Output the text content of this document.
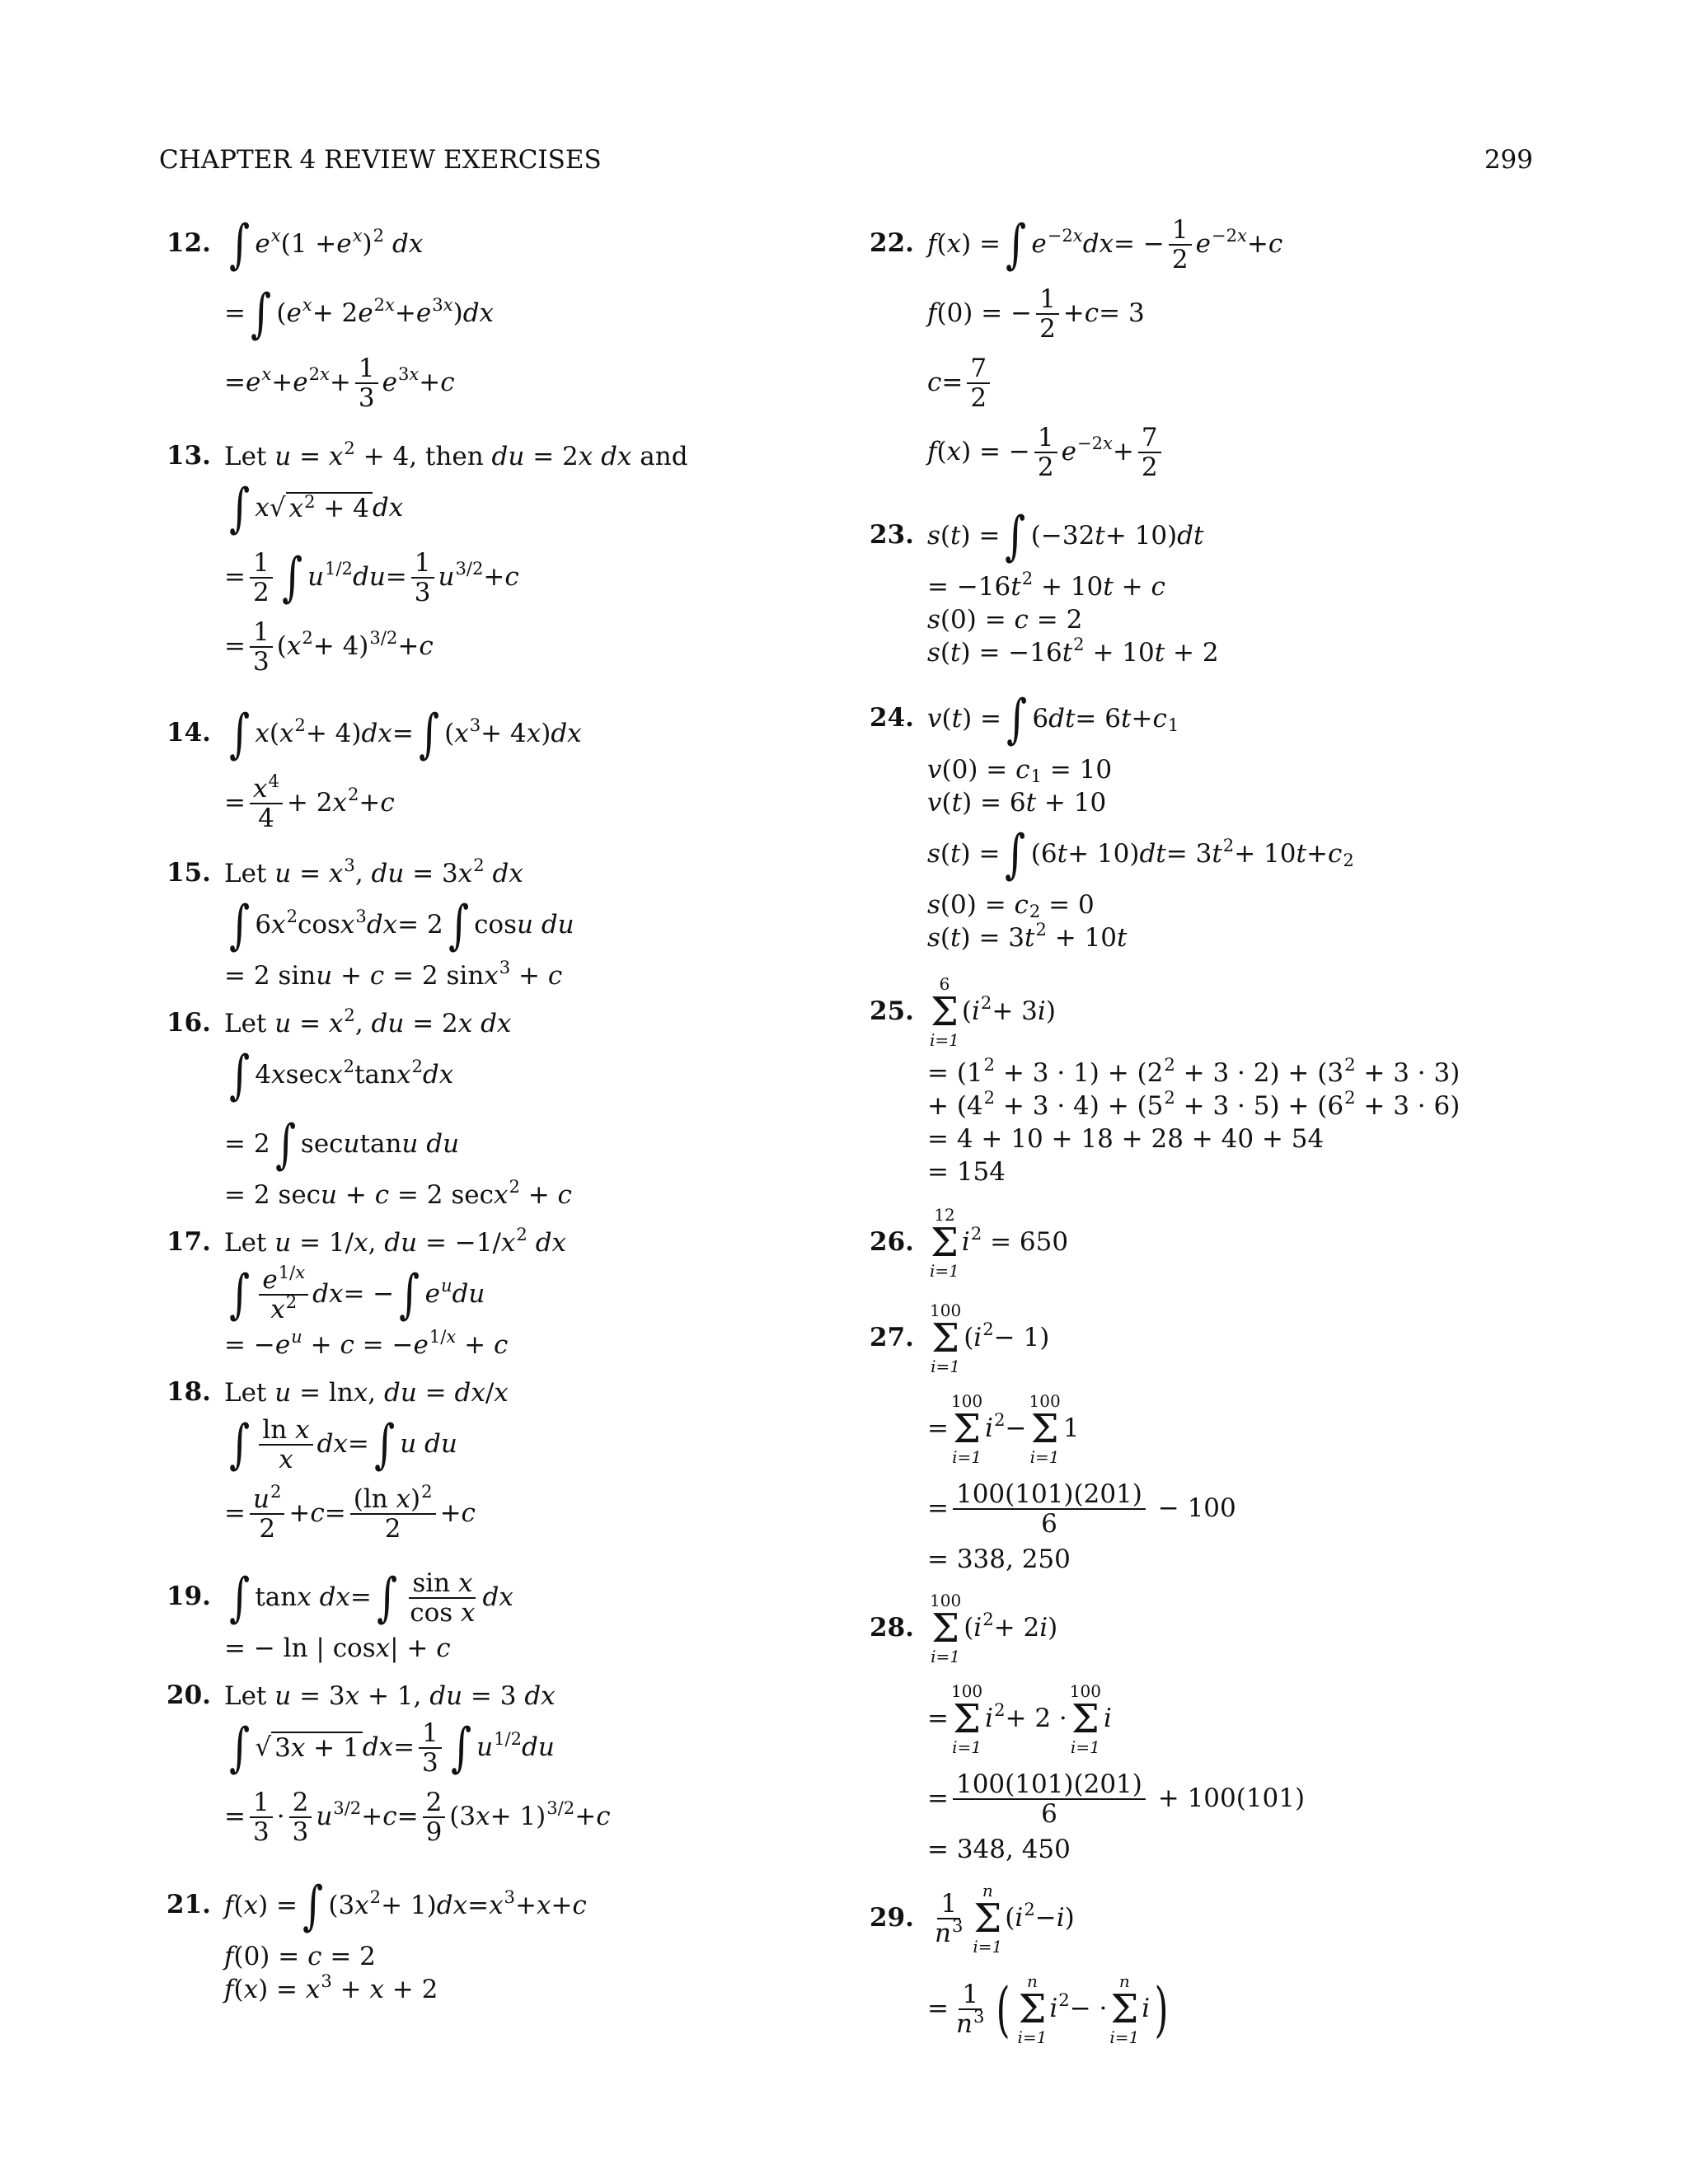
CHAPTER 4 REVIEW EXERCISES	299
12. ∫ e x (1 + e x ) 2 dx
= ∫ ( e x + 2 e 2x + e 3x ) dx
= e x + e $2x + \frac{1}{3}$ e 3x + c
13. Let
u = x 2 + 4 , then
du = 2 x dx
and
∫ x √ $x^2 + 4$ dx
= $\frac{1}{2}$ ∫ u 1/2 du = $\frac{1}{3}$ u 3/2 + c
= $\frac{1}{3}$ ( x 2 + 4) 3/2 + c
14. ∫ x ( x 2 + 4) dx = ∫ ( x 3 + 4 x ) dx
= $\frac{x^4}{4} + 2$ x 2 + c
15. Let
u = x 3 , du = 3 x 2
dx
∫ 6 x 2 cos x 3 dx = 2 ∫ cos u du
= 2 sin u + c = 2 sin x 3 + c
16. Let
u = x 2 , du = 2 x dx
∫ 4 x sec x 2 tan x 2 dx
= 2 ∫ sec u tan u du
= 2 sec u + c = 2 sec x 2 + c
17. Let
u = 1/ x , du = −1/ x 2
dx
∫ $\frac{e^{1/x}}{x^2}$ dx = − ∫ e u du
= − e u + c = − e 1/x + c
18. Let
u = ln x , du = dx / x
∫ $\frac{\text{ln x}}{x}$ dx = ∫ u du
= $\frac{u^2}{2} + c = \frac{(\ln x)^2}{2} + c$
19. ∫ tan x dx = ∫ $\frac{\text{sin x}}{\text{cos x}}$ dx
= − ln | cos x | + c
20. Let
u = 3 x + 1, du = 3 dx
∫ √ 3x + 1 dx = $\frac{1}{3}$ ∫ u 1/2 du
= $\frac{1}{3} \cdot \frac{2}{3}$ u $3/2 + c = \frac{2}{9} (3$ x + 1) 3/2 + c
21. f ( x ) = ∫ (3 x 2 + 1) dx = x 3 + x + c
f (0) = c = 2
f ( x ) = x 3 + x + 2
22. f ( x ) = ∫ e −2x dx = − $\frac{1}{2}$ e −2x + c
f (0) = − $\frac{1}{2} + c = 3$
$c = \frac{7}{2}$
f ( x ) = − $\frac{1}{2}$ $e -2x + \frac{7}{2}$
23. s ( t ) = ∫ (−32 t + 10) dt
= −16 t 2 + 10 t + c
s (0) = c = 2
s ( t ) = −16 t 2 + 10 t + 2
24. v ( t ) = ∫ 6 dt = 6 t + c 1
v (0) = c 1 = 10
v ( t ) = 6 t + 10
s ( t ) = ∫ (6 t + 10) dt = 3 t 2 + 10 t + c 2
s (0) = c 2 = 0
s ( t ) = 3 t 2 + 10 t
25.
6
Σ
i=1
( i 2 + 3 i )
= (1 2 + 3 · 1) + (2 2 + 3 · 2) + (3 2 + 3 · 3)
+ (4 2 + 3 · 4) + (5 2 + 3 · 5) + (6 2 + 3 · 6)
= 4 + 10 + 18 + 28 + 40 + 54
= 154
26.
12
Σ
i=1
i 2
= 650
27.
100
Σ
i=1
( i 2 − 1)
=
100
Σ
i=1
i 2 −
100
Σ
i=1
1
= $\frac{100(101)(201)}{6}$
− 100
= 338, 250
28.
100
Σ
i=1
( i 2 + 2 i )
=
100
Σ
i=1
i 2 + 2 ·
100
Σ
i=1
i
= $\frac{100(101)(201)}{6}$
+ 100(101)
= 348, 450
29. $\frac{1}{n^3}$ n
Σ
i=1
( i 2 − i )
= $\frac{1}{n^3}$ ( n
Σ
i=1
i 2 − ·
n
Σ
i=1
i )
